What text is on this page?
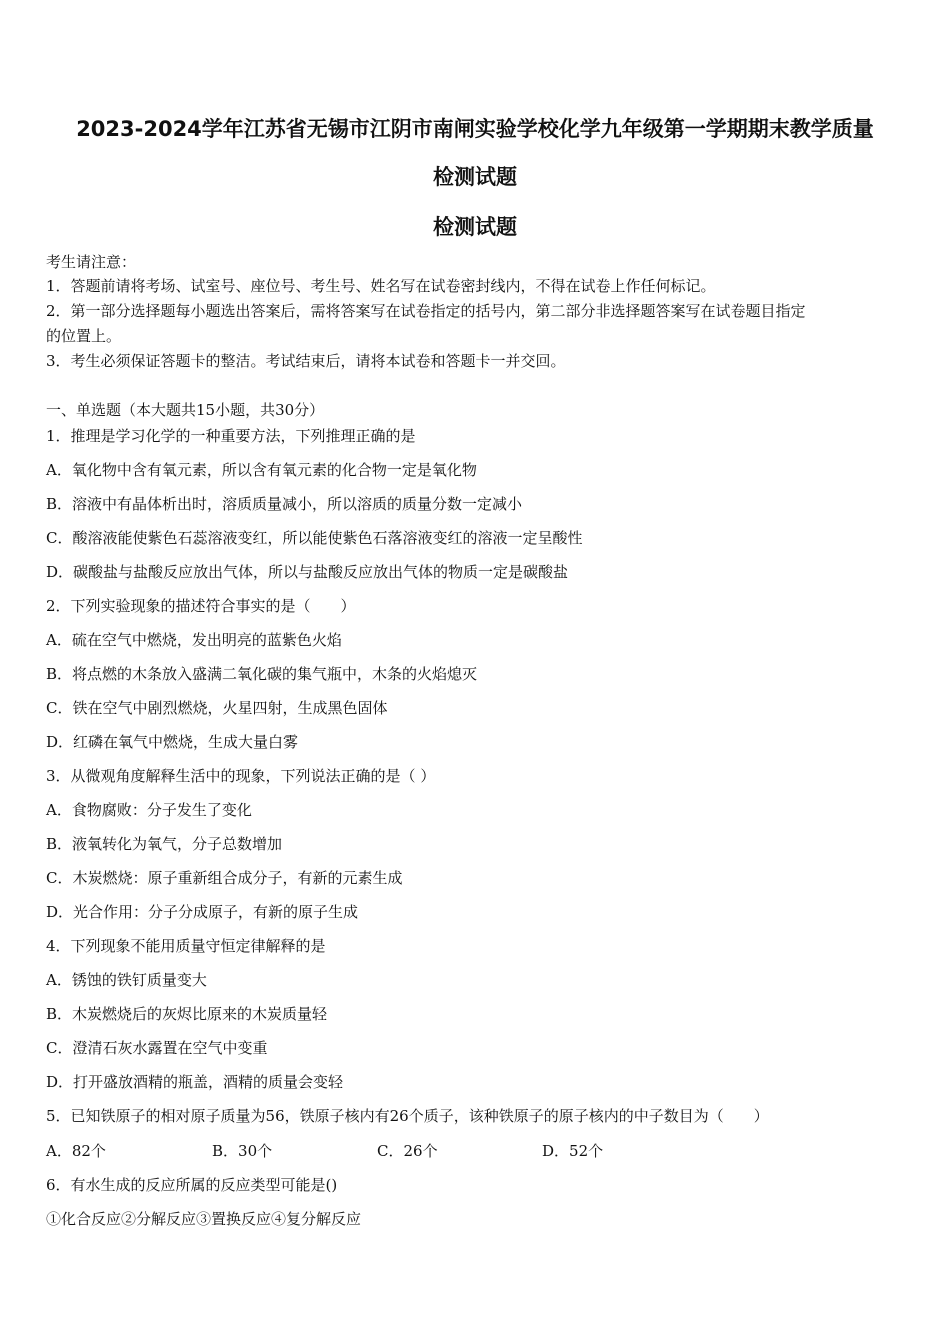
2023-2024学年江苏省无锡市江阴市南闸实验学校化学九年级第一学期期末教学质量
检测试题
检测试题
考生请注意：
1．答题前请将考场、试室号、座位号、考生号、姓名写在试卷密封线内，不得在试卷上作任何标记。
2．第一部分选择题每小题选出答案后，需将答案写在试卷指定的括号内，第二部分非选择题答案写在试卷题目指定
的位置上。
3．考生必须保证答题卡的整洁。考试结束后，请将本试卷和答题卡一并交回。
一、单选题（本大题共15小题，共30分）
1．推理是学习化学的一种重要方法，下列推理正确的是
A．氧化物中含有氧元素，所以含有氧元素的化合物一定是氧化物
B．溶液中有晶体析出时，溶质质量减小，所以溶质的质量分数一定减小
C．酸溶液能使紫色石蕊溶液变红，所以能使紫色石落溶液变红的溶液一定呈酸性
D．碳酸盐与盐酸反应放出气体，所以与盐酸反应放出气体的物质一定是碳酸盐
2．下列实验现象的描述符合事实的是（　　）
A．硫在空气中燃烧，发出明亮的蓝紫色火焰
B．将点燃的木条放入盛满二氧化碳的集气瓶中，木条的火焰熄灭
C．铁在空气中剧烈燃烧，火星四射，生成黑色固体
D．红磷在氧气中燃烧，生成大量白雾
3．从微观角度解释生活中的现象，下列说法正确的是（ ）
A．食物腐败：分子发生了变化
B．液氧转化为氧气，分子总数增加
C．木炭燃烧：原子重新组合成分子，有新的元素生成
D．光合作用：分子分成原子，有新的原子生成
4．下列现象不能用质量守恒定律解释的是
A．锈蚀的铁钉质量变大
B．木炭燃烧后的灰烬比原来的木炭质量轻
C．澄清石灰水露置在空气中变重
D．打开盛放酒精的瓶盖，酒精的质量会变轻
5．已知铁原子的相对原子质量为56，铁原子核内有26个质子，该种铁原子的原子核内的中子数目为（　　）
A．82个	B．30个	C．26个	D．52个
6．有水生成的反应所属的反应类型可能是()
①化合反应②分解反应③置换反应④复分解反应
